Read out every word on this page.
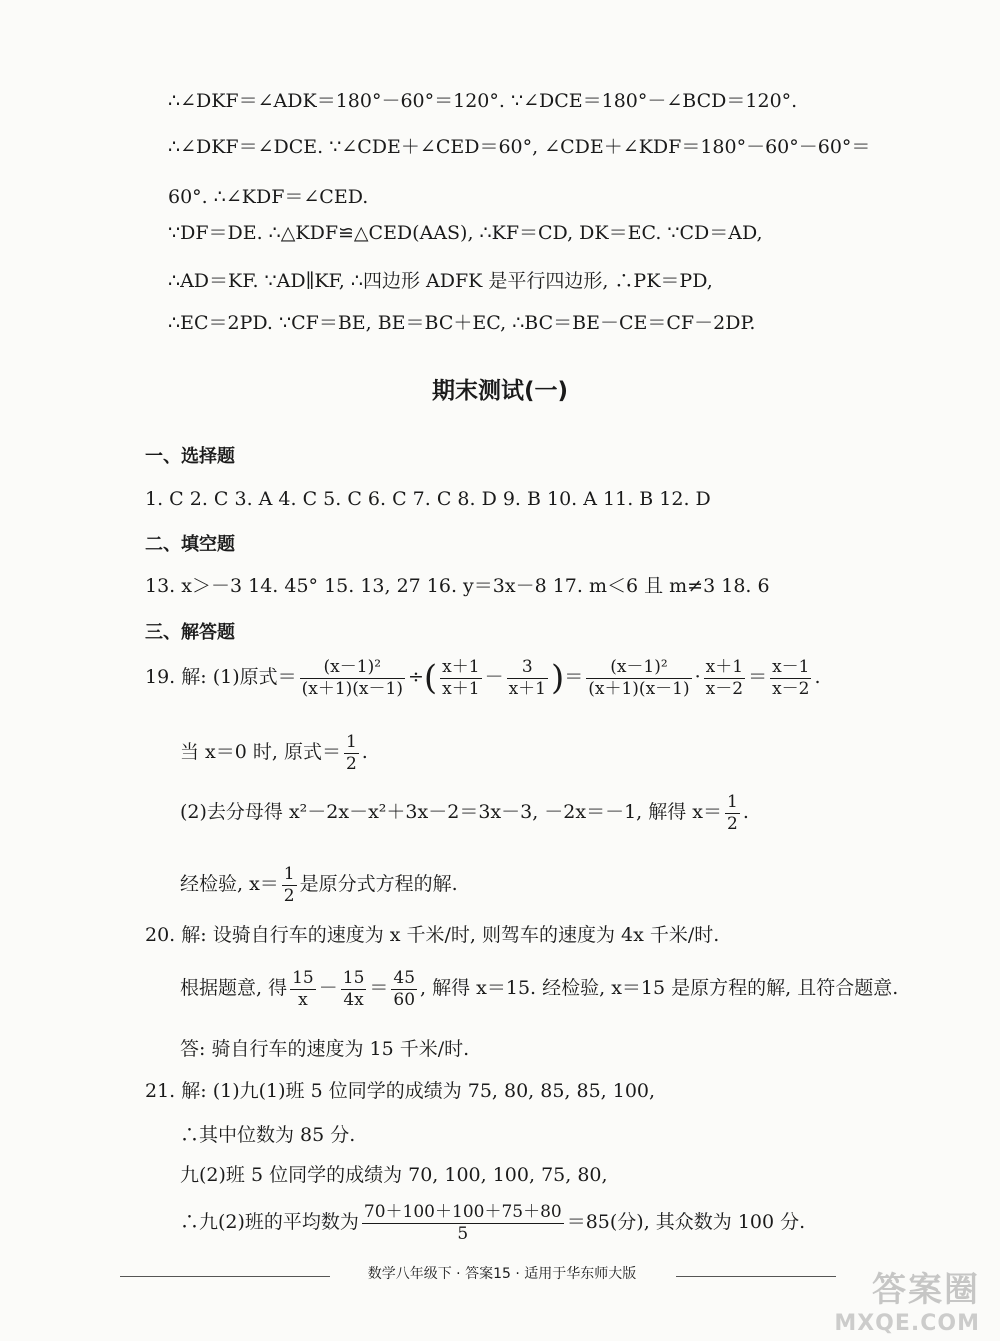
∴∠DKF＝∠ADK＝180°－60°＝120°. ∵∠DCE＝180°－∠BCD＝120°.
∴∠DKF＝∠DCE. ∵∠CDE＋∠CED＝60°, ∠CDE＋∠KDF＝180°－60°－60°＝
60°. ∴∠KDF＝∠CED.
∵DF＝DE. ∴△KDF≌△CED(AAS), ∴KF＝CD, DK＝EC. ∵CD＝AD,
∴AD＝KF. ∵AD∥KF, ∴四边形 ADFK 是平行四边形, ∴PK＝PD,
∴EC＝2PD. ∵CF＝BE, BE＝BC＋EC, ∴BC＝BE－CE＝CF－2DP.
期末测试(一)
一、选择题
1. C 2. C 3. A 4. C 5. C 6. C 7. C 8. D 9. B 10. A 11. B 12. D
二、填空题
13. x＞－3 14. 45° 15. 13, 27 16. y＝3x－8 17. m＜6 且 m≠3 18. 6
三、解答题
19. 解: (1)原式＝ $\frac{\text{(x－1)²}}{(x+1)(x-1)}$ ÷( $\frac{x+1}{x+1} - \frac{3}{x+1}$ )＝ $\frac{\text{(x－1)²}}{(x+1)(x-1)} \cdot \frac{x+1}{x-2} = \frac{x-1}{x-2}$ .
当 x＝0 时, 原式＝ $\frac{1}{2}$ .
(2)去分母得 x²－2x－x²＋3x－2＝3x－3, －2x＝－1, 解得 $x= \frac{1}{2}$ .
经检验, $x= \frac{1}{2}$ 是原分式方程的解.
20. 解: 设骑自行车的速度为 x 千米/时, 则驾车的速度为 4x 千米/时.
根据题意, 得 $\frac{15}{x} - \frac{15}{4x} = \frac{45}{60}$ , 解得 x＝15. 经检验, x＝15 是原方程的解, 且符合题意.
答: 骑自行车的速度为 15 千米/时.
21. 解: (1)九(1)班 5 位同学的成绩为 75, 80, 85, 85, 100,
∴其中位数为 85 分.
九(2)班 5 位同学的成绩为 70, 100, 100, 75, 80,
∴九(2)班的平均数为 $\frac{70+100+100+75+80}{5} =85$(分), 其众数为 100 分.
数学八年级下 · 答案15 · 适用于华东师大版	答案圈
MXQE.COM
